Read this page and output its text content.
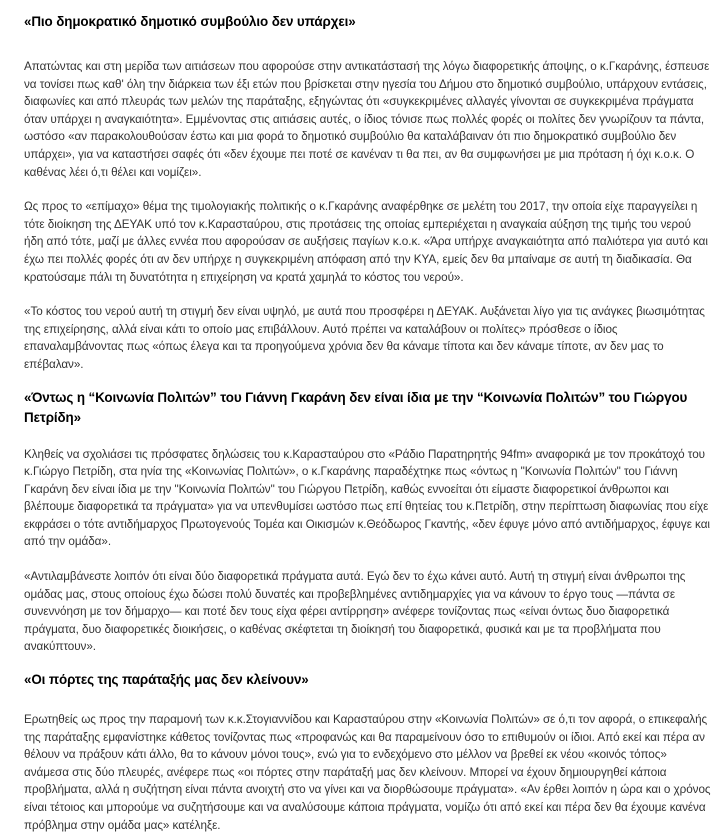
«Πιο δημοκρατικό δημοτικό συμβούλιο δεν υπάρχει»

Απατώντας και στη μερίδα των αιτιάσεων που αφορούσε στην αντικατάστασή της λόγω διαφορετικής άποψης, ο κ.Γκαράνης, έσπευσε να τονίσει πως καθ' όλη την διάρκεια των έξι ετών που βρίσκεται στην ηγεσία του Δήμου στο δημοτικό συμβούλιο, υπάρχουν εντάσεις, διαφωνίες και από πλευράς των μελών της παράταξης, εξηγώντας ότι «συγκεκριμένες αλλαγές γίνονται σε συγκεκριμένα πράγματα όταν υπάρχει η αναγκαιότητα». Εμμένοντας στις αιτιάσεις αυτές, ο ίδιος τόνισε πως πολλές φορές οι πολίτες δεν γνωρίζουν τα πάντα, ωστόσο «αν παρακολουθούσαν έστω και μια φορά το δημοτικό συμβούλιο θα καταλάβαιναν ότι πιο δημοκρατικό συμβούλιο δεν υπάρχει», για να καταστήσει σαφές ότι «δεν έχουμε πει ποτέ σε κανέναν τι θα πει, αν θα συμφωνήσει με μια πρόταση ή όχι κ.ο.κ. Ο καθένας λέει ό,τι θέλει και νομίζει».

Ως προς το «επίμαχο» θέμα της τιμολογιακής πολιτικής ο κ.Γκαράνης αναφέρθηκε σε μελέτη του 2017, την οποία είχε παραγγείλει η τότε διοίκηση της ΔΕΥΑΚ υπό τον κ.Καρασταύρου, στις προτάσεις της οποίας εμπεριέχεται η αναγκαία αύξηση της τιμής του νερού ήδη από τότε, μαζί με άλλες εννέα που αφορούσαν σε αυξήσεις παγίων κ.ο.κ. «Άρα υπήρχε αναγκαιότητα από παλιότερα για αυτό και έχω πει πολλές φορές ότι αν δεν υπήρχε η συγκεκριμένη απόφαση από την ΚΥΑ, εμείς δεν θα μπαίναμε σε αυτή τη διαδικασία. Θα κρατούσαμε πάλι τη δυνατότητα η επιχείρηση να κρατά χαμηλά το κόστος του νερού».

«Το κόστος του νερού αυτή τη στιγμή δεν είναι υψηλό, με αυτά που προσφέρει η ΔΕΥΑΚ. Αυξάνεται λίγο για τις ανάγκες βιωσιμότητας της επιχείρησης, αλλά είναι κάτι το οποίο μας επιβάλλουν. Αυτό πρέπει να καταλάβουν οι πολίτες» πρόσθεσε ο ίδιος επαναλαμβάνοντας πως «όπως έλεγα και τα προηγούμενα χρόνια δεν θα κάναμε τίποτα και δεν κάναμε τίποτε, αν δεν μας το επέβαλαν».

«Όντως η “Κοινωνία Πολιτών” του Γιάννη Γκαράνη δεν είναι ίδια με την “Κοινωνία Πολιτών” του Γιώργου Πετρίδη»

Κληθείς να σχολιάσει τις πρόσφατες δηλώσεις του κ.Καρασταύρου στο «Ράδιο Παρατηρητής 94fm» αναφορικά με τον προκάτοχό του κ.Γιώργο Πετρίδη, στα ηνία της «Κοινωνίας Πολιτών», ο κ.Γκαράνης παραδέχτηκε πως «όντως η "Κοινωνία Πολιτών" του Γιάννη Γκαράνη δεν είναι ίδια με την "Κοινωνία Πολιτών" του Γιώργου Πετρίδη, καθώς εννοείται ότι είμαστε διαφορετικοί άνθρωποι και βλέπουμε διαφορετικά τα πράγματα» για να υπενθυμίσει ωστόσο πως επί θητείας του κ.Πετρίδη, στην περίπτωση διαφωνίας που είχε εκφράσει ο τότε αντιδήμαρχος Πρωτογενούς Τομέα και Οικισμών κ.Θεόδωρος Γκαντής, «δεν έφυγε μόνο από αντιδήμαρχος, έφυγε και από την ομάδα».

«Αντιλαμβάνεστε λοιπόν ότι είναι δύο διαφορετικά πράγματα αυτά. Εγώ δεν το έχω κάνει αυτό. Αυτή τη στιγμή είναι άνθρωποι της ομάδας μας, στους οποίους έχω δώσει πολύ δυνατές και προβεβλημένες αντιδημαρχίες για να κάνουν το έργο τους —πάντα σε συνεννόηση με τον δήμαρχο— και ποτέ δεν τους είχα φέρει αντίρρηση» ανέφερε τονίζοντας πως «είναι όντως δυο διαφορετικά πράγματα, δυο διαφορετικές διοικήσεις, ο καθένας σκέφτεται τη διοίκησή του διαφορετικά, φυσικά και με τα προβλήματα που ανακύπτουν».

«Οι πόρτες της παράταξής μας δεν κλείνουν»

Ερωτηθείς ως προς την παραμονή των κ.κ.Στογιαννίδου και Καρασταύρου στην «Κοινωνία Πολιτών» σε ό,τι τον αφορά, ο επικεφαλής της παράταξης εμφανίστηκε κάθετος τονίζοντας πως «προφανώς και θα παραμείνουν όσο το επιθυμούν οι ίδιοι. Από εκεί και πέρα αν θέλουν να πράξουν κάτι άλλο, θα το κάνουν μόνοι τους», ενώ για το ενδεχόμενο στο μέλλον να βρεθεί εκ νέου «κοινός τόπος» ανάμεσα στις δύο πλευρές, ανέφερε πως «οι πόρτες στην παράταξή μας δεν κλείνουν. Μπορεί να έχουν δημιουργηθεί κάποια προβλήματα, αλλά η συζήτηση είναι πάντα ανοιχτή στο να γίνει και να διορθώσουμε πράγματα». «Αν έρθει λοιπόν η ώρα και ο χρόνος είναι τέτοιος και μπορούμε να συζητήσουμε και να αναλύσουμε κάποια πράγματα, νομίζω ότι από εκεί και πέρα δεν θα έχουμε κανένα πρόβλημα στην ομάδα μας» κατέληξε.
